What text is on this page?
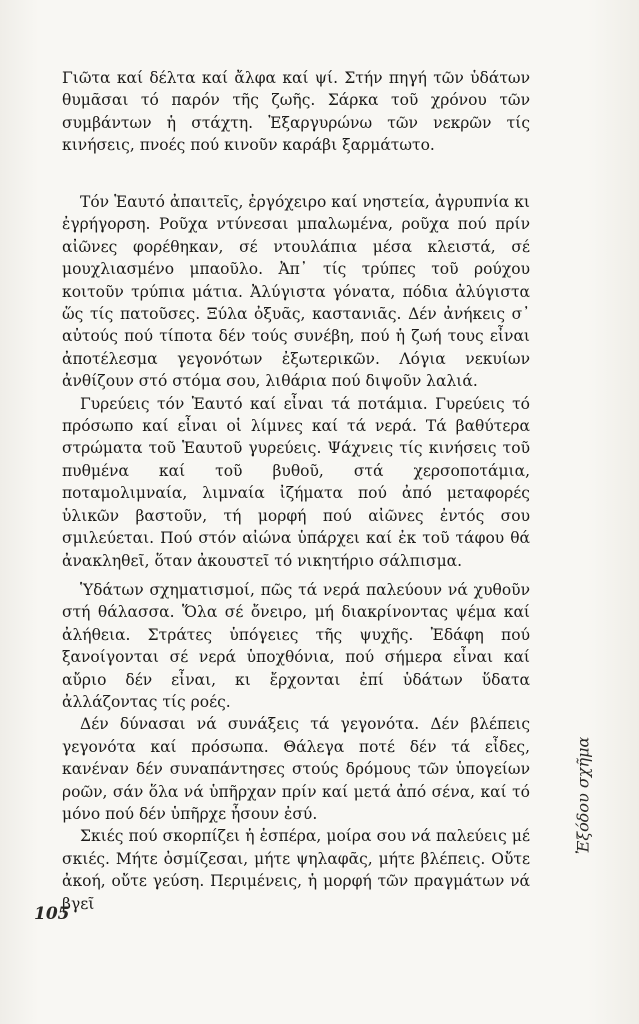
Γιῶτα καί δέλτα καί ἄλφα καί ψί. Στήν πηγή τῶν ὑδάτων θυμᾶσαι τό παρόν τῆς ζωῆς. Σάρκα τοῦ χρόνου τῶν συμβάντων ἡ στάχτη. Ἐξαργυρώνω τῶν νεκρῶν τίς κινήσεις, πνοές πού κινοῦν καράβι ξαρμάτωτο.

Τόν Ἑαυτό ἀπαιτεῖς, ἐργόχειρο καί νηστεία, ἀγρυπνία κι ἐγρήγορση. Ροῦχα ντύνεσαι μπαλωμένα, ροῦχα πού πρίν αἰῶνες φορέθηκαν, σέ ντουλάπια μέσα κλειστά, σέ μουχλιασμένο μπαοῦλο. Ἀπ᾽ τίς τρύπες τοῦ ρούχου κοιτοῦν τρύπια μάτια. Ἀλύγιστα γόνατα, πόδια ἀλύγιστα ὥς τίς πατοῦσες. Ξύλα ὀξυᾶς, καστανιᾶς. Δέν ἀνήκεις σ᾽ αὐτούς πού τίποτα δέν τούς συνέβη, πού ἡ ζωή τους εἶναι ἀποτέλεσμα γεγονότων ἐξωτερικῶν. Λόγια νεκυίων ἀνθίζουν στό στόμα σου, λιθάρια πού διψοῦν λαλιά.

Γυρεύεις τόν Ἑαυτό καί εἶναι τά ποτάμια. Γυρεύεις τό πρόσωπο καί εἶναι οἱ λίμνες καί τά νερά. Τά βαθύτερα στρώματα τοῦ Ἑαυτοῦ γυρεύεις. Ψάχνεις τίς κινήσεις τοῦ πυθμένα καί τοῦ βυθοῦ, στά χερσοποτάμια, ποταμολιμναία, λιμναία ἰζήματα πού ἀπό μεταφορές ὑλικῶν βαστοῦν, τή μορφή πού αἰῶνες ἐντός σου σμιλεύεται. Πού στόν αἰώνα ὑπάρχει καί ἐκ τοῦ τάφου θά ἀνακληθεῖ, ὅταν ἀκουστεῖ τό νικητήριο σάλπισμα.

Ὑδάτων σχηματισμοί, πῶς τά νερά παλεύουν νά χυθοῦν στή θάλασσα. Ὅλα σέ ὄνειρο, μή διακρίνοντας ψέμα καί ἀλήθεια. Στράτες ὑπόγειες τῆς ψυχῆς. Ἐδάφη πού ξανοίγονται σέ νερά ὑποχθόνια, πού σήμερα εἶναι καί αὔριο δέν εἶναι, κι ἔρχονται ἐπί ὑδάτων ὕδατα ἀλλάζοντας τίς ροές.

Δέν δύνασαι νά συνάξεις τά γεγονότα. Δέν βλέπεις γεγονότα καί πρόσωπα. Θάλεγα ποτέ δέν τά εἶδες, κανέναν δέν συναπάντησες στούς δρόμους τῶν ὑπογείων ροῶν, σάν ὅλα νά ὑπῆρχαν πρίν καί μετά ἀπό σένα, καί τό μόνο πού δέν ὑπῆρχε ἦσουν ἐσύ.

Σκιές πού σκορπίζει ἡ ἑσπέρα, μοίρα σου νά παλεύεις μέ σκιές. Μήτε ὀσμίζεσαι, μήτε ψηλαφᾶς, μήτε βλέπεις. Οὔτε ἀκοή, οὔτε γεύση. Περιμένεις, ἡ μορφή τῶν πραγμάτων νά βγεῖ

105
Ἐξόδου σχῆμα
